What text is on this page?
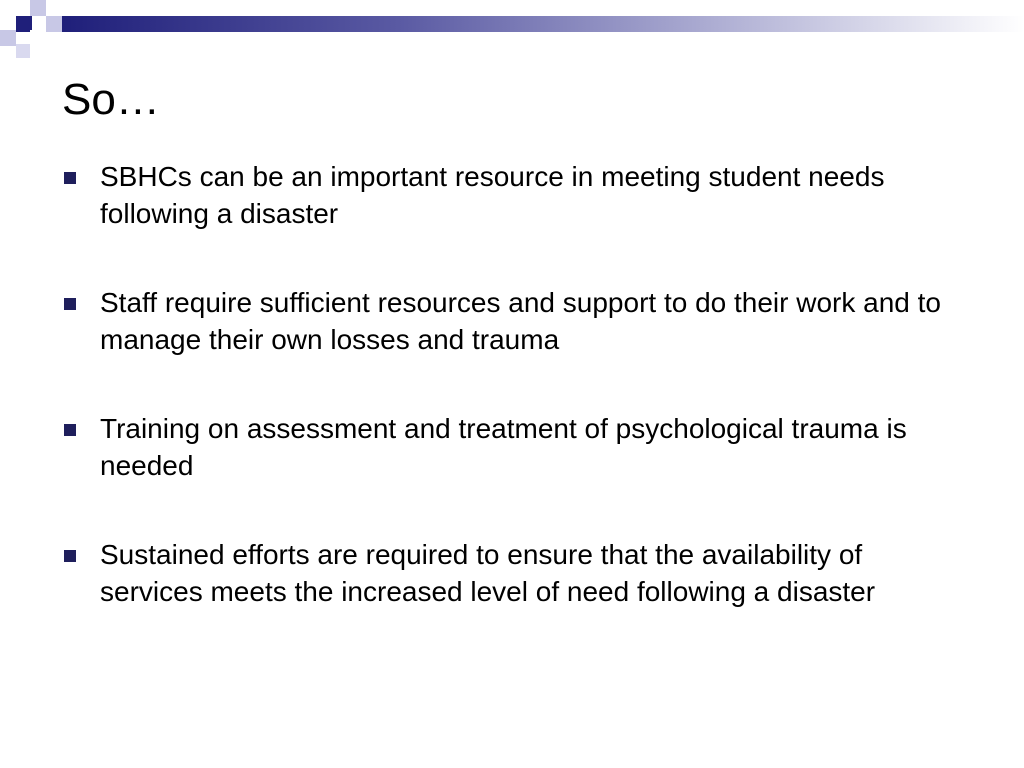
So…
SBHCs can be an important resource in meeting student needs following a disaster
Staff require sufficient resources and support to do their work and to manage their own losses and trauma
Training on assessment and treatment of psychological trauma is needed
Sustained efforts are required to ensure that the availability of services meets the increased level of need following a disaster
